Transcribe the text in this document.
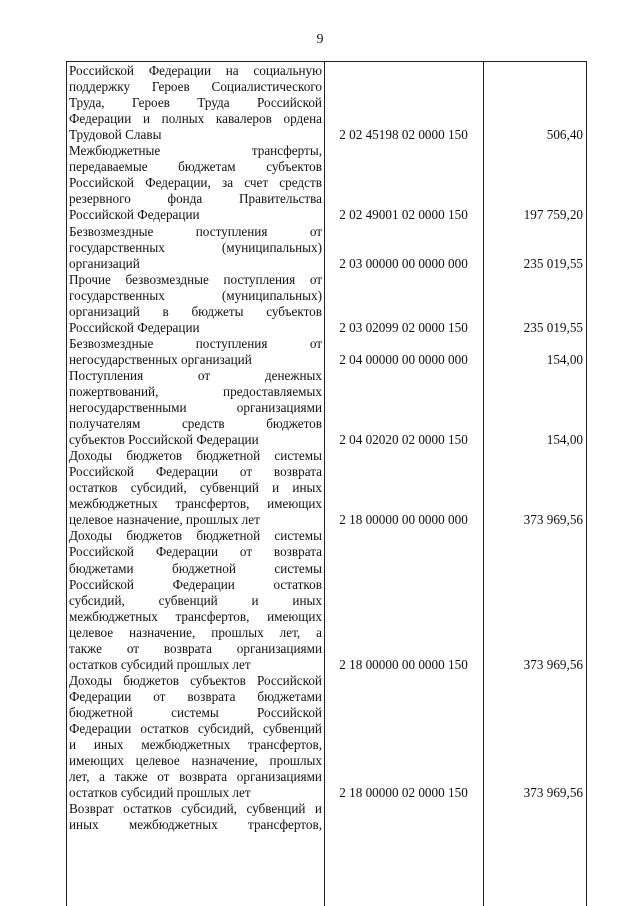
9
Российской Федерации на социальную
поддержку Героев Социалистического
Труда, Героев Труда Российской
Федерации и полных кавалеров ордена
Трудовой Славы	2 02 45198 02 0000 150	506,40
Межбюджетные трансферты,
передаваемые бюджетам субъектов
Российской Федерации, за счет средств
резервного фонда Правительства
Российской Федерации	2 02 49001 02 0000 150	197 759,20
Безвозмездные поступления от
государственных (муниципальных)
организаций	2 03 00000 00 0000 000	235 019,55
Прочие безвозмездные поступления от
государственных (муниципальных)
организаций в бюджеты субъектов
Российской Федерации	2 03 02099 02 0000 150	235 019,55
Безвозмездные поступления от
негосударственных организаций	2 04 00000 00 0000 000	154,00
Поступления от денежных
пожертвований, предоставляемых
негосударственными организациями
получателям средств бюджетов
субъектов Российской Федерации	2 04 02020 02 0000 150	154,00
Доходы бюджетов бюджетной системы
Российской Федерации от возврата
остатков субсидий, субвенций и иных
межбюджетных трансфертов, имеющих
целевое назначение, прошлых лет	2 18 00000 00 0000 000	373 969,56
Доходы бюджетов бюджетной системы
Российской Федерации от возврата
бюджетами бюджетной системы
Российской Федерации остатков
субсидий, субвенций и иных
межбюджетных трансфертов, имеющих
целевое назначение, прошлых лет, а
также от возврата организациями
остатков субсидий прошлых лет	2 18 00000 00 0000 150	373 969,56
Доходы бюджетов субъектов Российской
Федерации от возврата бюджетами
бюджетной системы Российской
Федерации остатков субсидий, субвенций
и иных межбюджетных трансфертов,
имеющих целевое назначение, прошлых
лет, а также от возврата организациями
остатков субсидий прошлых лет	2 18 00000 02 0000 150	373 969,56
Возврат остатков субсидий, субвенций и
иных межбюджетных трансфертов,
